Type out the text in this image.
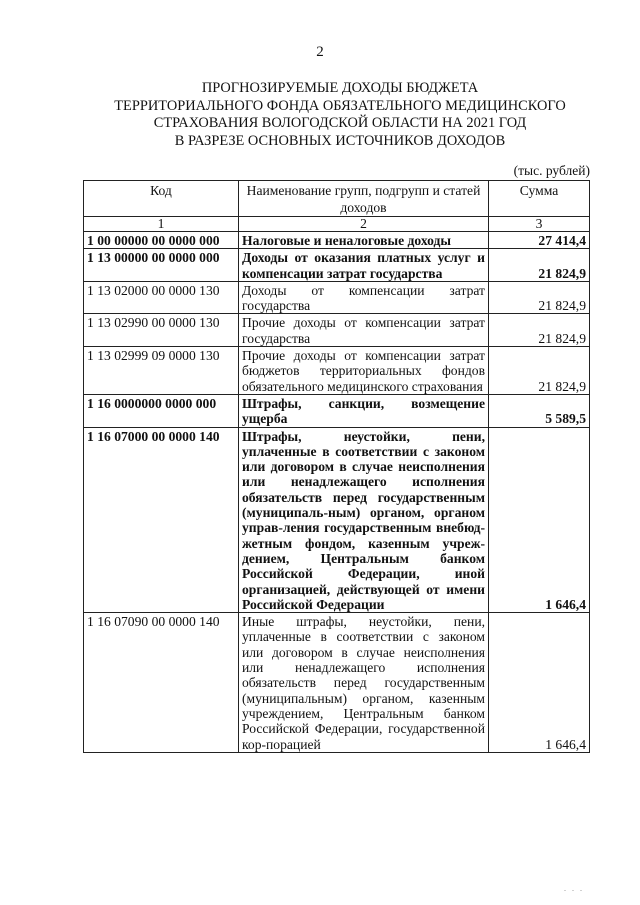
2
ПРОГНОЗИРУЕМЫЕ ДОХОДЫ БЮДЖЕТА
ТЕРРИТОРИАЛЬНОГО ФОНДА ОБЯЗАТЕЛЬНОГО МЕДИЦИНСКОГО
СТРАХОВАНИЯ ВОЛОГОДСКОЙ ОБЛАСТИ НА 2021 ГОД
В РАЗРЕЗЕ ОСНОВНЫХ ИСТОЧНИКОВ ДОХОДОВ
(тыс. рублей)
Код	Наименование групп, подгрупп и статей доходов	Сумма
1	2	3
1 00 00000 00 0000 000	Налоговые и неналоговые доходы	27 414,4
1 13 00000 00 0000 000	Доходы от оказания платных услуг и компенсации затрат государства	21 824,9
1 13 02000 00 0000 130	Доходы от компенсации затрат государства	21 824,9
1 13 02990 00 0000 130	Прочие доходы от компенсации затрат государства	21 824,9
1 13 02999 09 0000 130	Прочие доходы от компенсации затрат бюджетов территориальных фондов обязательного медицинского страхования	21 824,9
1 16 0000000 0000 000	Штрафы, санкции, возмещение ущерба	5 589,5
1 16 07000 00 0000 140	Штрафы, неустойки, пени, уплаченные в соответствии с законом или договором в случае неисполнения или ненадлежащего исполнения обязательств перед государственным (муниципаль-ным) органом, органом управ-ления государственным внебюд-жетным фондом, казенным учреж-дением, Центральным банком Российской Федерации, иной организацией, действующей от имени Российской Федерации	1 646,4
1 16 07090 00 0000 140	Иные штрафы, неустойки, пени, уплаченные в соответствии с законом или договором в случае неисполнения или ненадлежащего исполнения обязательств перед государственным (муниципальным) органом, казенным учреждением, Центральным банком Российской Федерации, государственной кор-порацией	1 646,4
. . .
